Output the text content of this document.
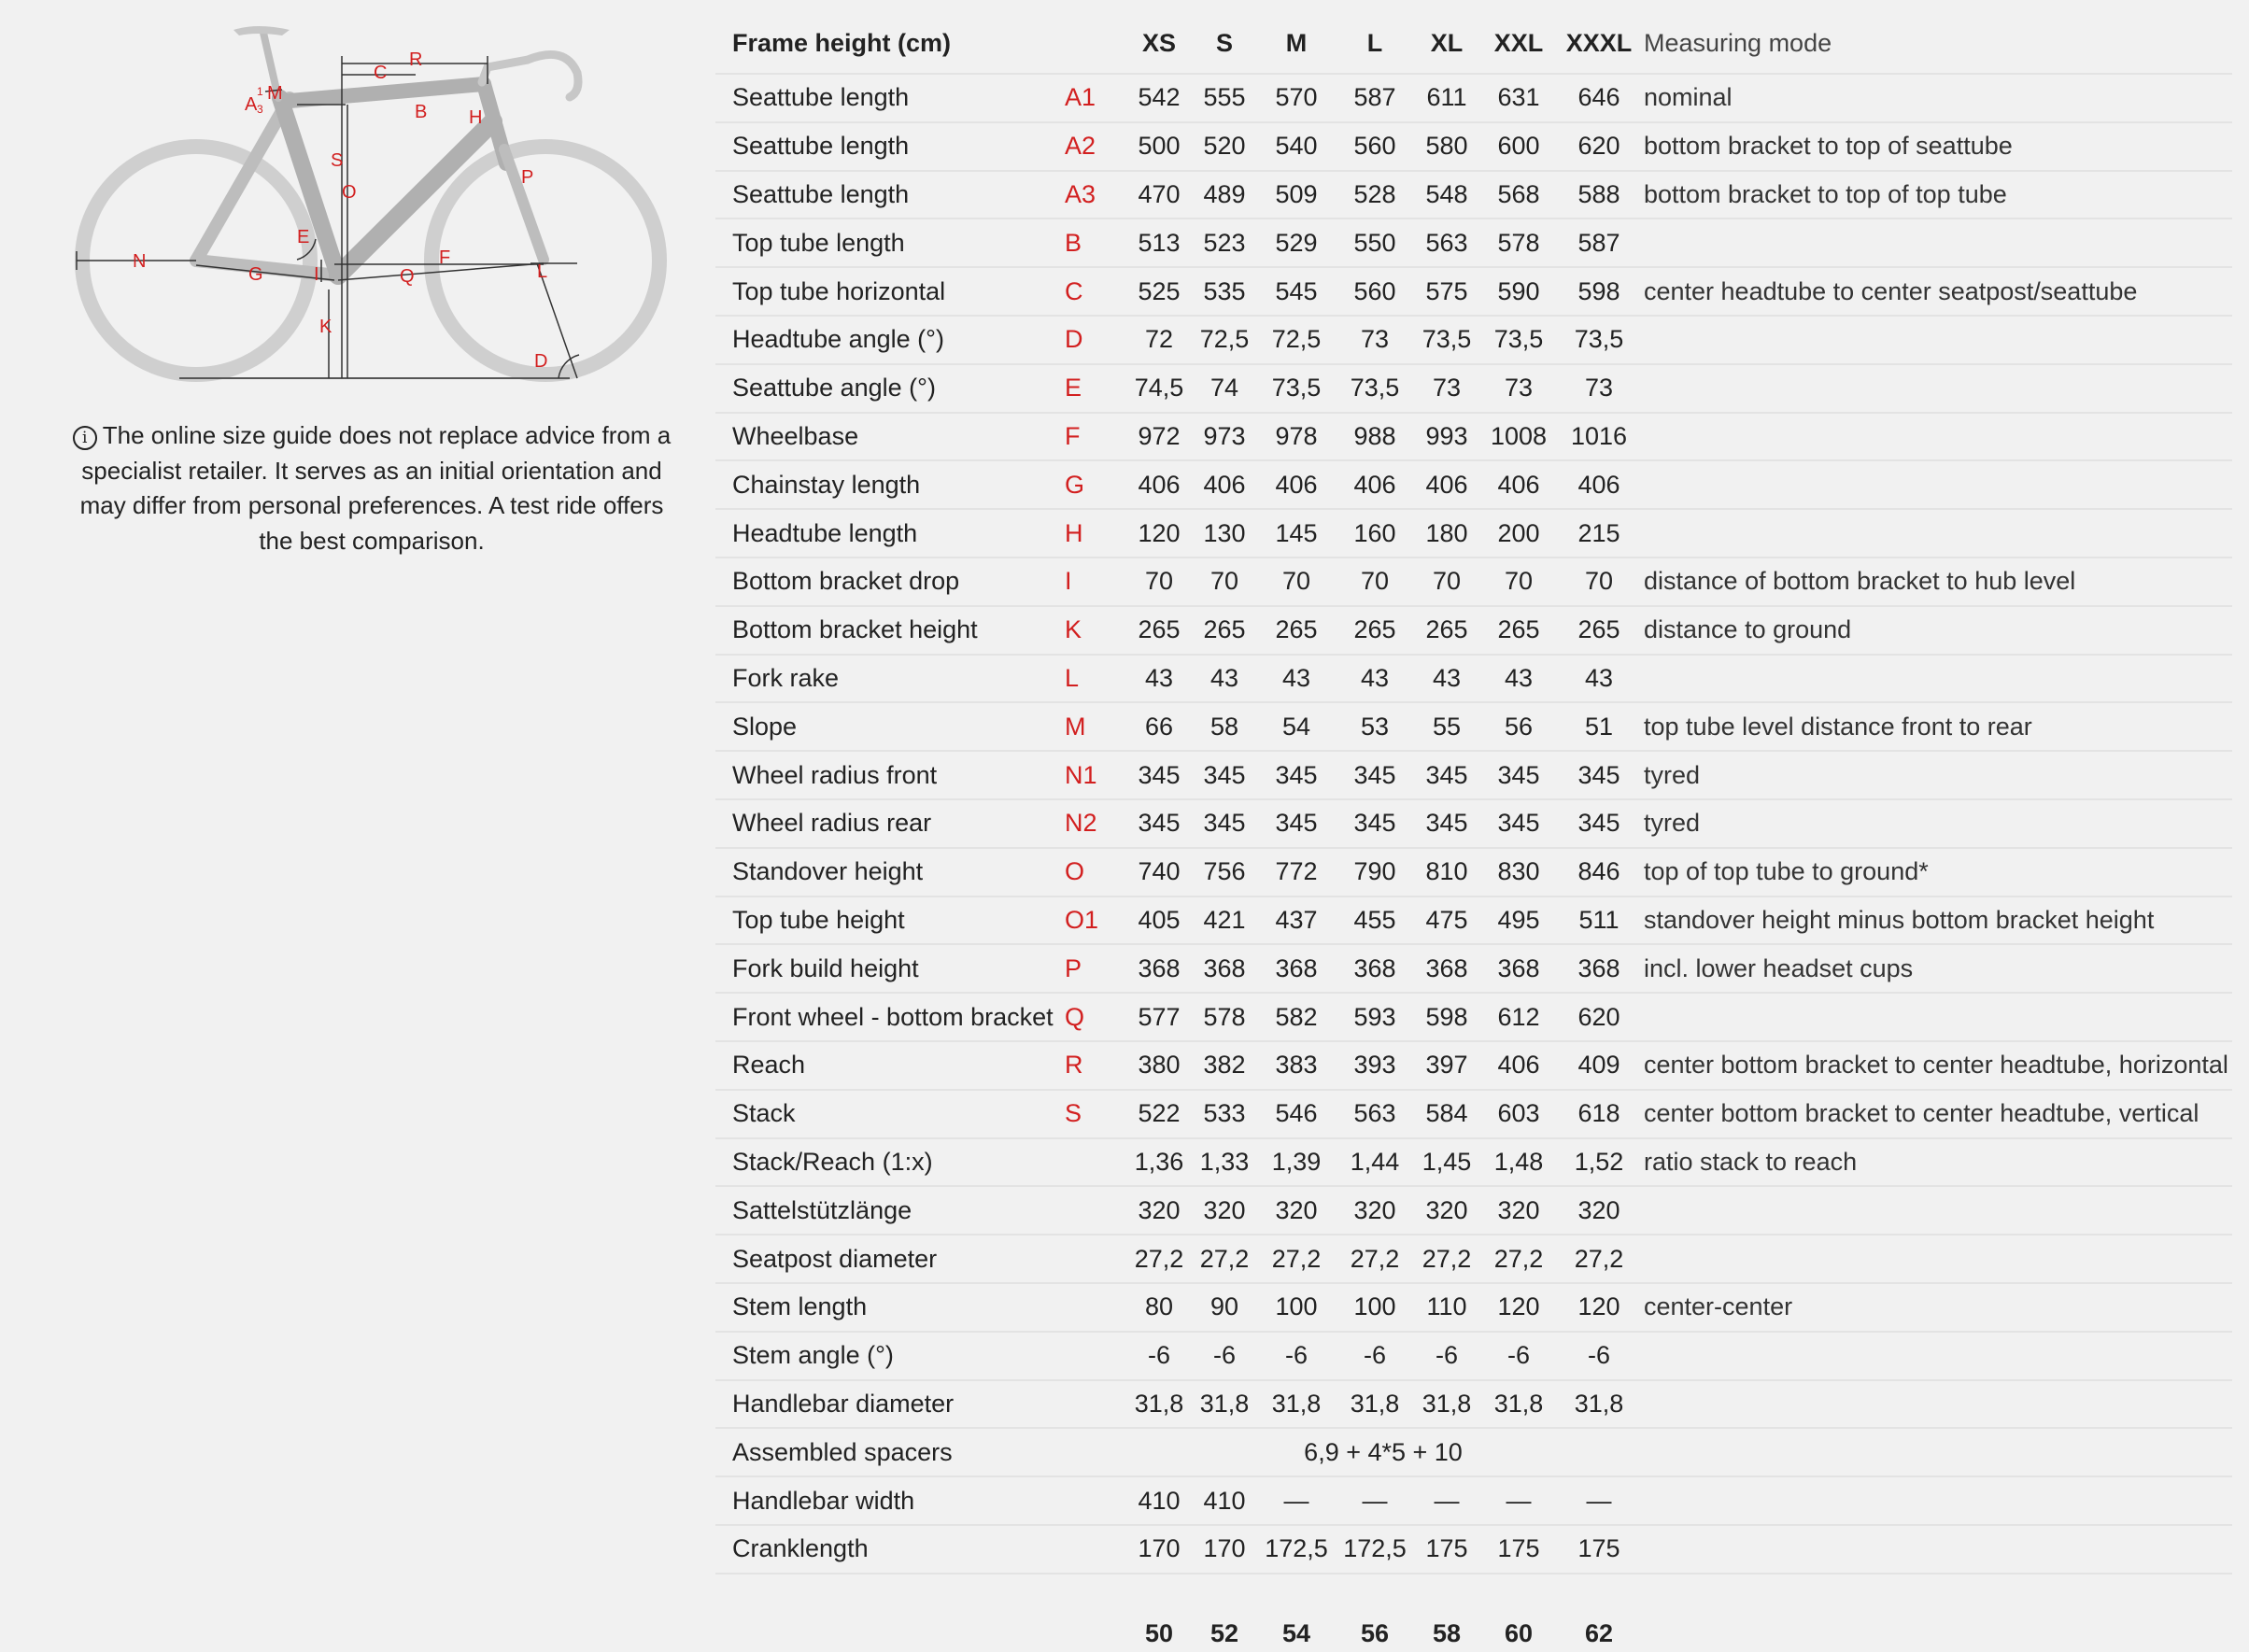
A
1
3
M
C
R
B H
S
O
P
E
N
G	I	Q
F
L
K
D
i The online size guide does not replace advice from a specialist retailer. It serves as an initial orientation and may differ from personal preferences. A test ride offers the best comparison.
Frame height (cm)		XS	S	M	L	XL	XXL	XXXL	Measuring mode
Seattube length	A1	542	555	570	587	611	631	646	nominal
Seattube length	A2	500	520	540	560	580	600	620	bottom bracket to top of seattube
Seattube length	A3	470	489	509	528	548	568	588	bottom bracket to top of top tube
Top tube length	B	513	523	529	550	563	578	587	
Top tube horizontal	C	525	535	545	560	575	590	598	center headtube to center seatpost/seattube
Headtube angle (°)	D	72	72,5	72,5	73	73,5	73,5	73,5	
Seattube angle (°)	E	74,5	74	73,5	73,5	73	73	73	
Wheelbase	F	972	973	978	988	993	1008	1016	
Chainstay length	G	406	406	406	406	406	406	406	
Headtube length	H	120	130	145	160	180	200	215	
Bottom bracket drop	I	70	70	70	70	70	70	70	distance of bottom bracket to hub level
Bottom bracket height	K	265	265	265	265	265	265	265	distance to ground
Fork rake	L	43	43	43	43	43	43	43	
Slope	M	66	58	54	53	55	56	51	top tube level distance front to rear
Wheel radius front	N1	345	345	345	345	345	345	345	tyred
Wheel radius rear	N2	345	345	345	345	345	345	345	tyred
Standover height	O	740	756	772	790	810	830	846	top of top tube to ground*
Top tube height	O1	405	421	437	455	475	495	511	standover height minus bottom bracket height
Fork build height	P	368	368	368	368	368	368	368	incl. lower headset cups
Front wheel - bottom bracket	Q	577	578	582	593	598	612	620	
Reach	R	380	382	383	393	397	406	409	center bottom bracket to center headtube, horizontal
Stack	S	522	533	546	563	584	603	618	center bottom bracket to center headtube, vertical
Stack/Reach (1:x)		1,36	1,33	1,39	1,44	1,45	1,48	1,52	ratio stack to reach
Sattelstützlänge		320	320	320	320	320	320	320	
Seatpost diameter		27,2	27,2	27,2	27,2	27,2	27,2	27,2	
Stem length		80	90	100	100	110	120	120	center-center
Stem angle (°)		-6	-6	-6	-6	-6	-6	-6	
Handlebar diameter		31,8	31,8	31,8	31,8	31,8	31,8	31,8	
Assembled spacers		6,9 + 4*5 + 10							
Handlebar width		410	410	—	—	—	—	—	
Cranklength		170	170	172,5	172,5	175	175	175	
		50	52	54	56	58	60	62	
